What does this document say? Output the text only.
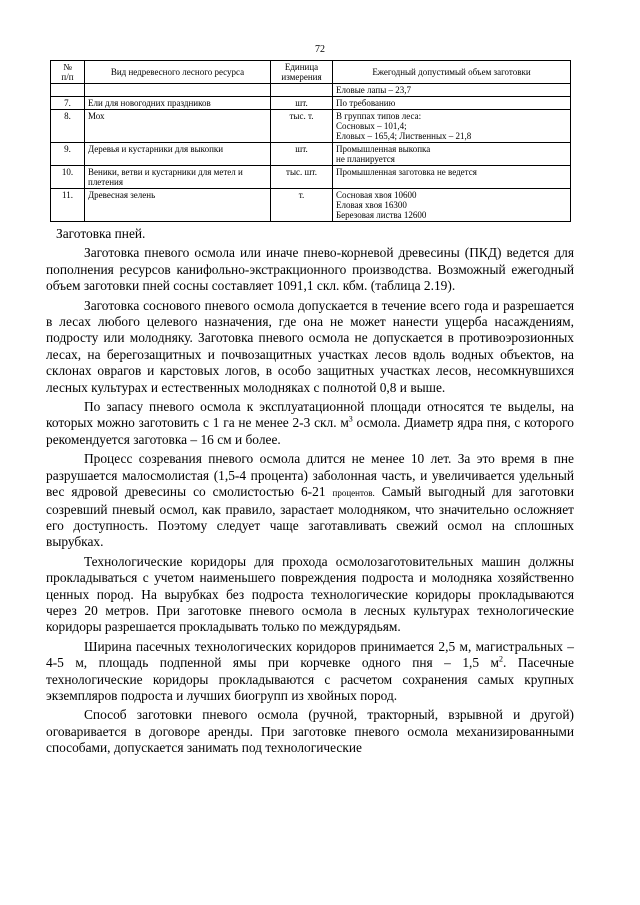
72
№
п/п	Вид недревесного лесного ресурса	Единица измерения	Ежегодный допустимый объем заготовки

			Еловые лапы – 23,7

7.	Ели для новогодних праздников	шт.	По требованию

8.	Мох	тыс. т.	В группах типов леса:
Сосновых – 101,4;
Еловых – 165,4; Лиственных – 21,8

9.	Деревья и кустарники для выкопки	шт.	Промышленная выкопка
не планируется

10.	Веники, ветви и кустарники для метел и плетения	тыс. шт.	Промышленная заготовка не ведется

11.	Древесная зелень	т.	Сосновая хвоя 10600
Еловая хвоя 16300
Березовая листва 12600

Заготовка пней.

Заготовка пневого осмола или иначе пнево-корневой древесины (ПКД) ведется для пополнения ресурсов канифольно-экстракционного производства. Возможный ежегодный объем заготовки пней сосны составляет 1091,1 скл. кбм. (таблица 2.19).

Заготовка соснового пневого осмола допускается в течение всего года и разрешается в лесах любого целевого назначения, где она не может нанести ущерба насаждениям, подросту или молодняку. Заготовка пневого осмола не допускается в противоэрозионных лесах, на берегозащитных и почвозащитных участках лесов вдоль водных объектов, на склонах оврагов и карстовых логов, в особо защитных участках лесов, несомкнувшихся лесных культурах и естественных молодняках с полнотой 0,8 и выше.

По запасу пневого осмола к эксплуатационной площади относятся те выделы, на которых можно заготовить с 1 га не менее 2-3 скл. $м^3$ осмола. Диаметр ядра пня, с которого рекомендуется заготовка – 16 см и более.

Процесс созревания пневого осмола длится не менее 10 лет. За это время в пне разрушается малосмолистая (1,5-4 процента) заболонная часть, и увеличивается удельный вес ядровой древесины со смолистостью 6-21 процентов. Самый выгодный для заготовки созревший пневый осмол, как правило, зарастает молодняком, что значительно осложняет его доступность. Поэтому следует чаще заготавливать свежий осмол на сплошных вырубках.

Технологические коридоры для прохода осмолозаготовительных машин должны прокладываться с учетом наименьшего повреждения подроста и молодняка хозяйственно ценных пород. На вырубках без подроста технологические коридоры прокладываются через 20 метров. При заготовке пневого осмола в лесных культурах технологические коридоры разрешается прокладывать только по междурядьям.

Ширина пасечных технологических коридоров принимается 2,5 м, магистральных – 4-5 м, площадь подпенной ямы при корчевке одного пня – 1,5 $м^2$. Пасечные технологические коридоры прокладываются с расчетом сохранения самых крупных экземпляров подроста и лучших биогрупп из хвойных пород.

Способ заготовки пневого осмола (ручной, тракторный, взрывной и другой) оговаривается в договоре аренды. При заготовке пневого осмола механизированными способами, допускается занимать под технологические
